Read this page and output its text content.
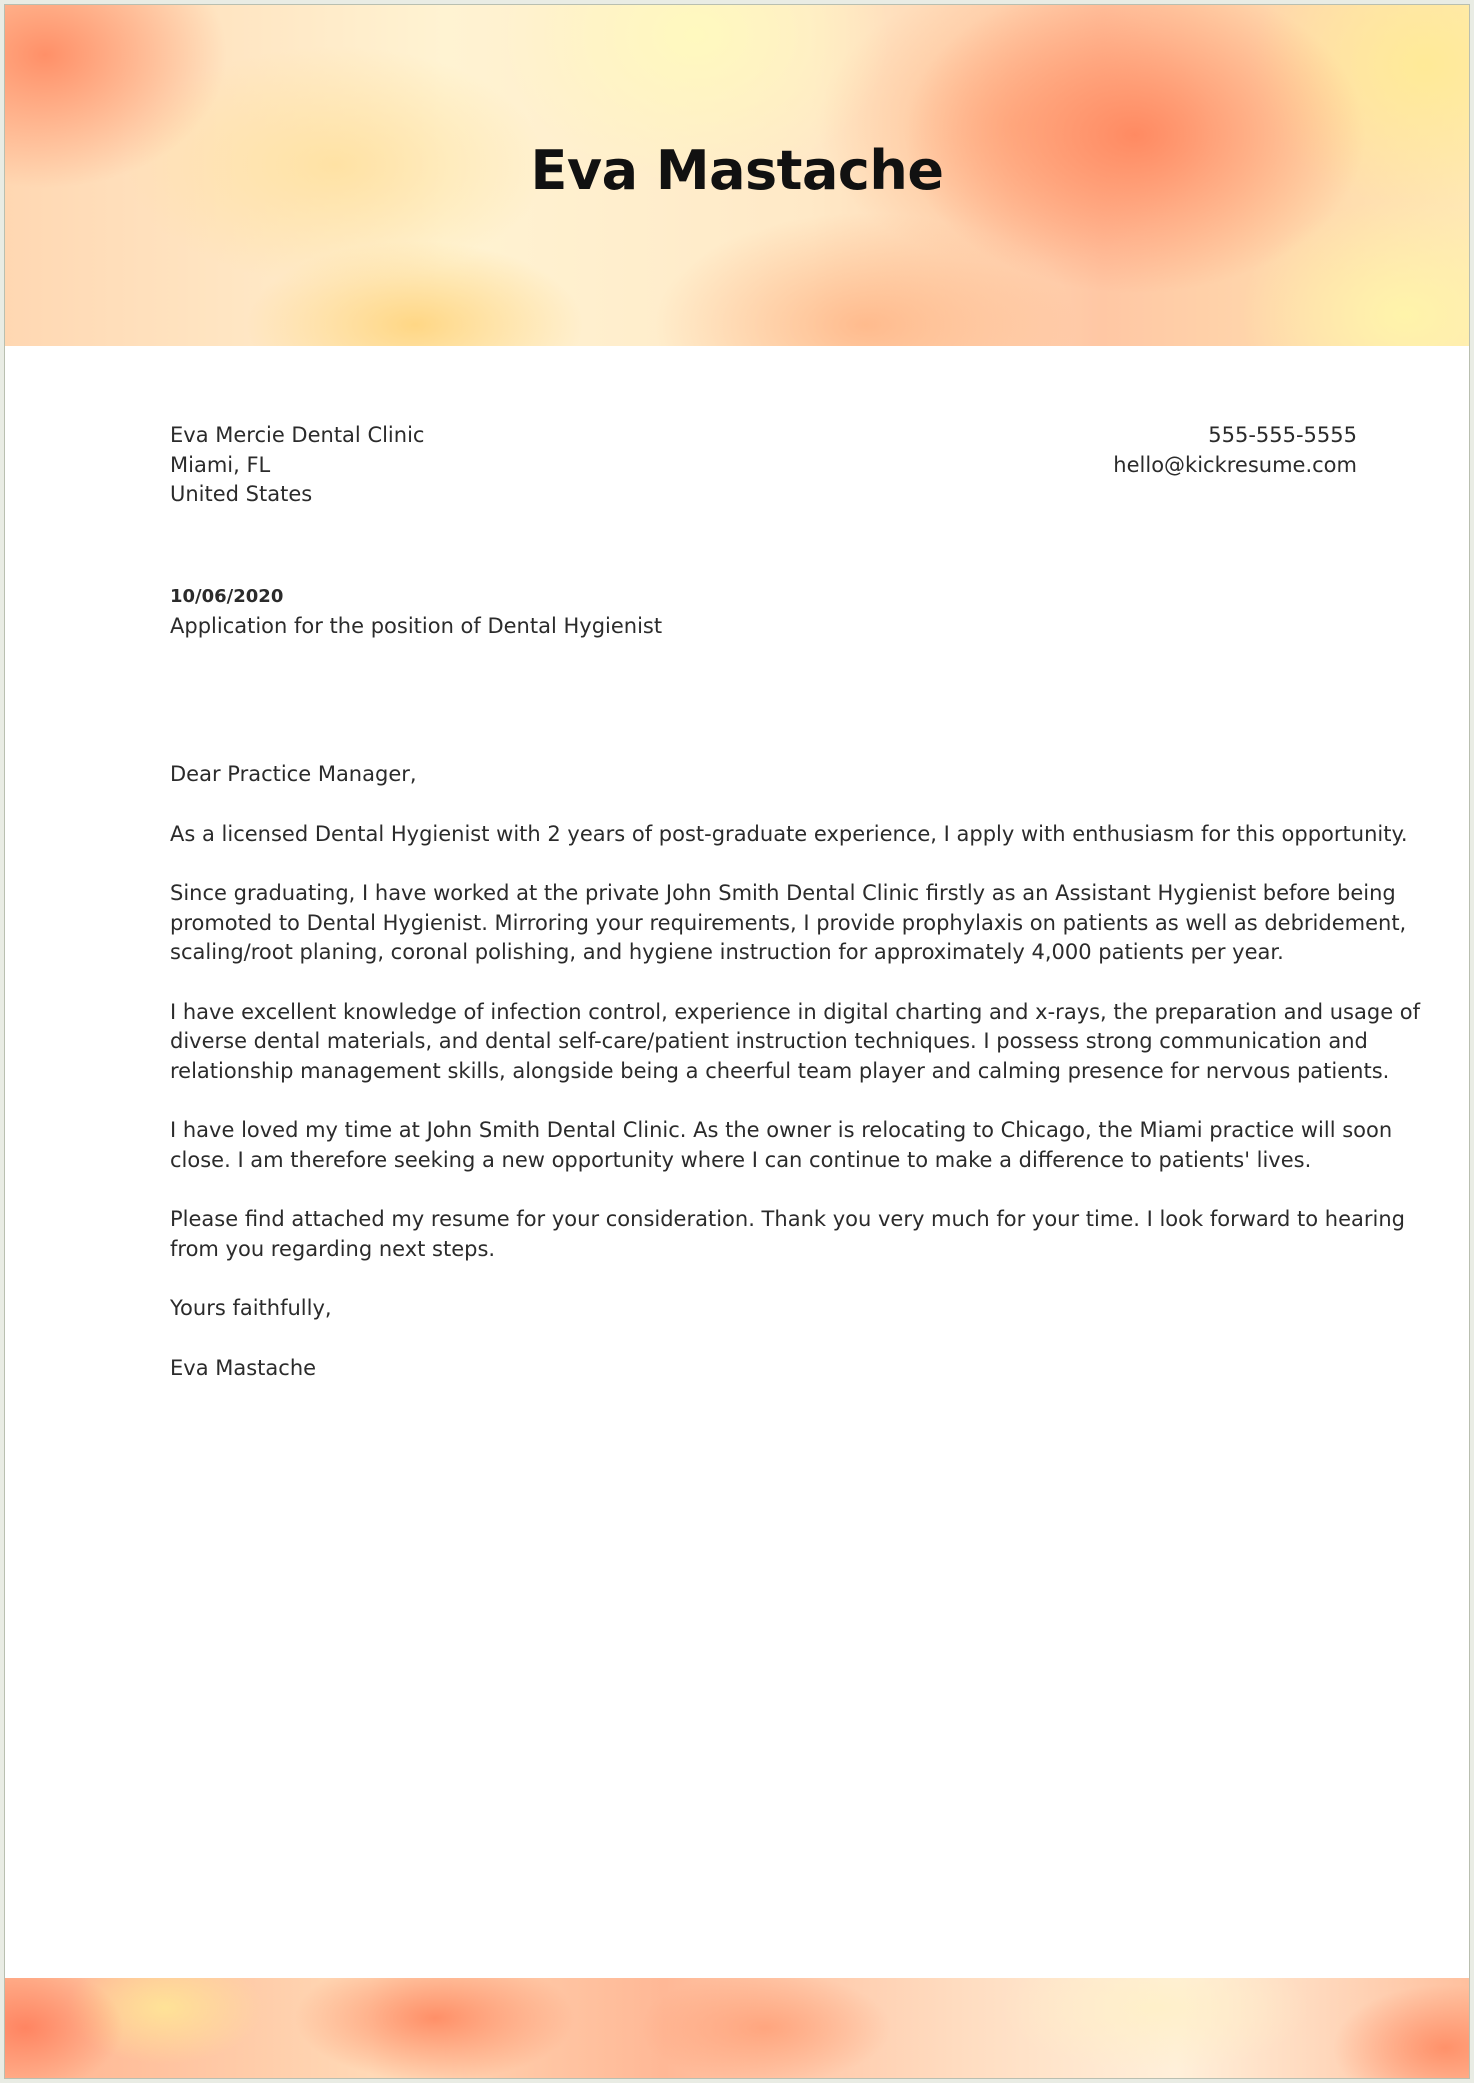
Eva Mastache
Eva Mercie Dental Clinic
Miami, FL
United States
555-555-5555
hello@kickresume.com
10/06/2020
Application for the position of Dental Hygienist

Dear Practice Manager,

As a licensed Dental Hygienist with 2 years of post-graduate experience, I apply with enthusiasm for this opportunity.

Since graduating, I have worked at the private John Smith Dental Clinic firstly as an Assistant Hygienist before being
promoted to Dental Hygienist. Mirroring your requirements, I provide prophylaxis on patients as well as debridement,
scaling/root planing, coronal polishing, and hygiene instruction for approximately 4,000 patients per year.

I have excellent knowledge of infection control, experience in digital charting and x-rays, the preparation and usage of
diverse dental materials, and dental self-care/patient instruction techniques. I possess strong communication and
relationship management skills, alongside being a cheerful team player and calming presence for nervous patients.

I have loved my time at John Smith Dental Clinic. As the owner is relocating to Chicago, the Miami practice will soon
close. I am therefore seeking a new opportunity where I can continue to make a difference to patients' lives.

Please find attached my resume for your consideration. Thank you very much for your time. I look forward to hearing
from you regarding next steps.

Yours faithfully,

Eva Mastache
